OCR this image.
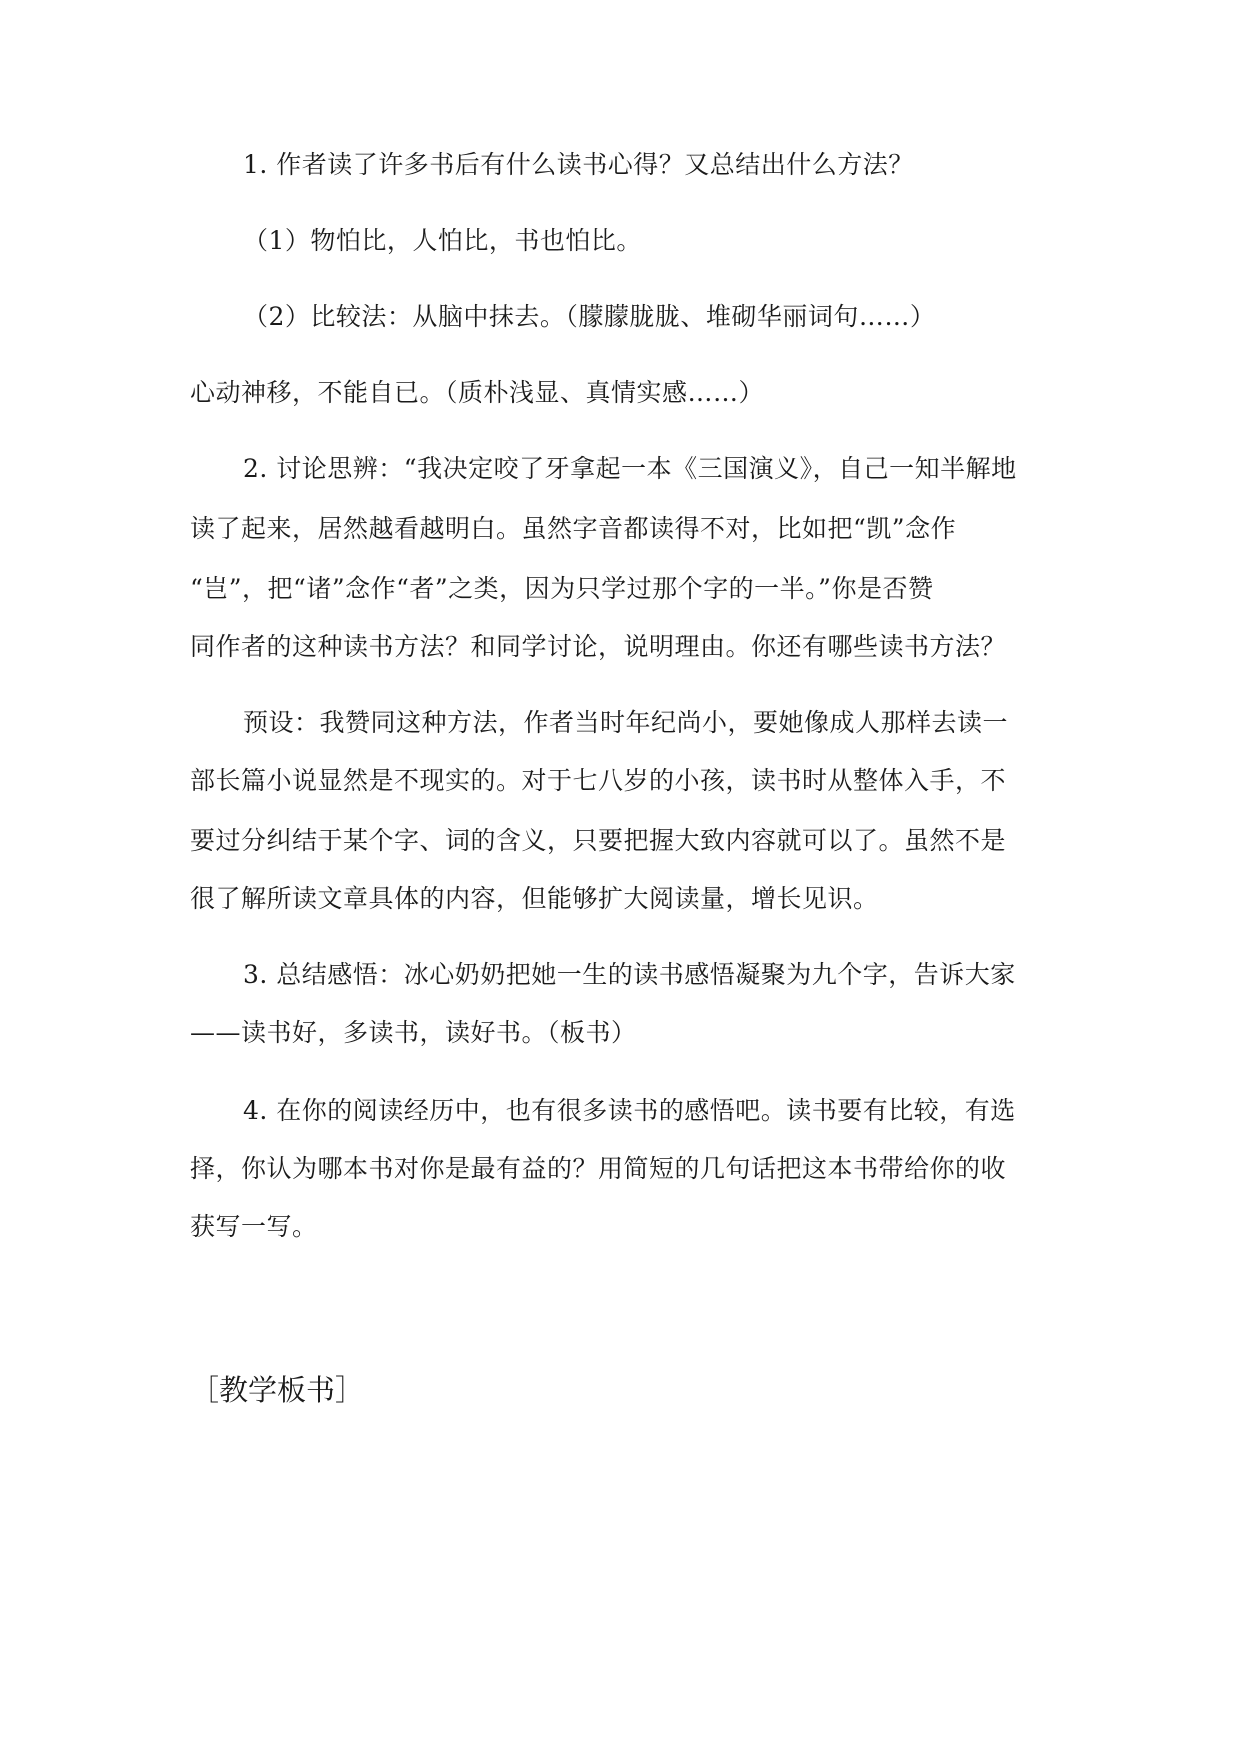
1. 作者读了许多书后有什么读书心得？又总结出什么方法？
（1）物怕比，人怕比，书也怕比。
（2）比较法：从脑中抹去。（朦朦胧胧、堆砌华丽词句……）
心动神移，不能自已。（质朴浅显、真情实感……）
2. 讨论思辨：“我决定咬了牙拿起一本《三国演义》，自己一知半解地
读了起来，居然越看越明白。虽然字音都读得不对，比如把“凯”念作
“岂”，把“诸”念作“者”之类，因为只学过那个字的一半。”你是否赞
同作者的这种读书方法？和同学讨论，说明理由。你还有哪些读书方法？
预设：我赞同这种方法，作者当时年纪尚小，要她像成人那样去读一
部长篇小说显然是不现实的。对于七八岁的小孩，读书时从整体入手，不
要过分纠结于某个字、词的含义，只要把握大致内容就可以了。虽然不是
很了解所读文章具体的内容，但能够扩大阅读量，增长见识。
3. 总结感悟：冰心奶奶把她一生的读书感悟凝聚为九个字，告诉大家
——读书好，多读书，读好书。（板书）
4. 在你的阅读经历中，也有很多读书的感悟吧。读书要有比较，有选
择，你认为哪本书对你是最有益的？用简短的几句话把这本书带给你的收
获写一写。
［教学板书］
